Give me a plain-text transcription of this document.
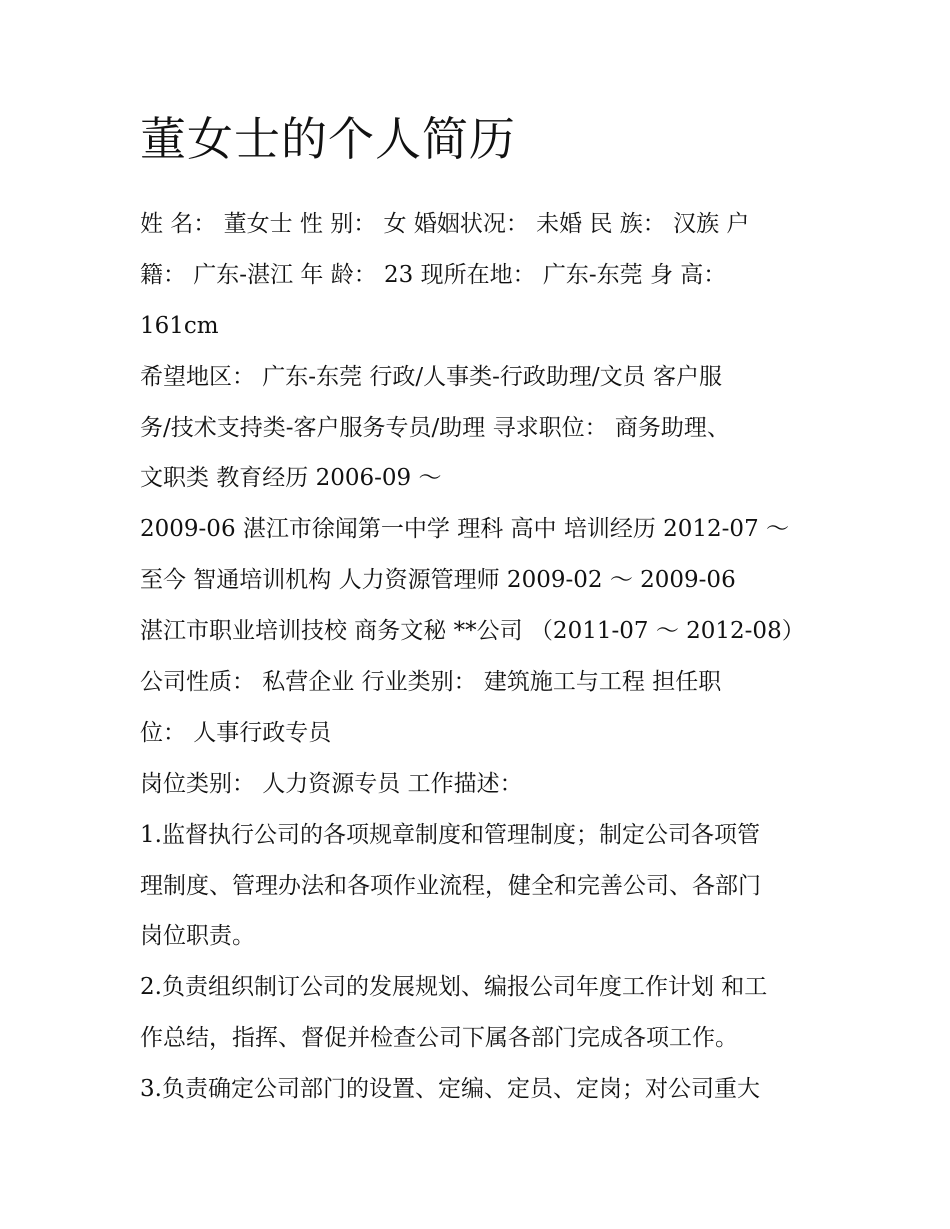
董女士的个人简历
姓 名： 董女士 性 别： 女 婚姻状况： 未婚 民 族： 汉族 户
籍： 广东-湛江 年 龄： 23 现所在地： 广东-东莞 身 高：
161cm
希望地区： 广东-东莞 行政/人事类-行政助理/文员 客户服
务/技术支持类-客户服务专员/助理 寻求职位： 商务助理、
文职类 教育经历 2006-09 ～
2009-06 湛江市徐闻第一中学 理科 高中 培训经历 2012-07 ～
至今 智通培训机构 人力资源管理师 2009-02 ～ 2009-06
湛江市职业培训技校 商务文秘 **公司 （2011-07 ～ 2012-08）
公司性质： 私营企业 行业类别： 建筑施工与工程 担任职
位： 人事行政专员
岗位类别： 人力资源专员 工作描述：
1.监督执行公司的各项规章制度和管理制度；制定公司各项管
理制度、管理办法和各项作业流程，健全和完善公司、各部门
岗位职责。
2.负责组织制订公司的发展规划、编报公司年度工作计划 和工
作总结，指挥、督促并检查公司下属各部门完成各项工作。
3.负责确定公司部门的设置、定编、定员、定岗；对公司重大
